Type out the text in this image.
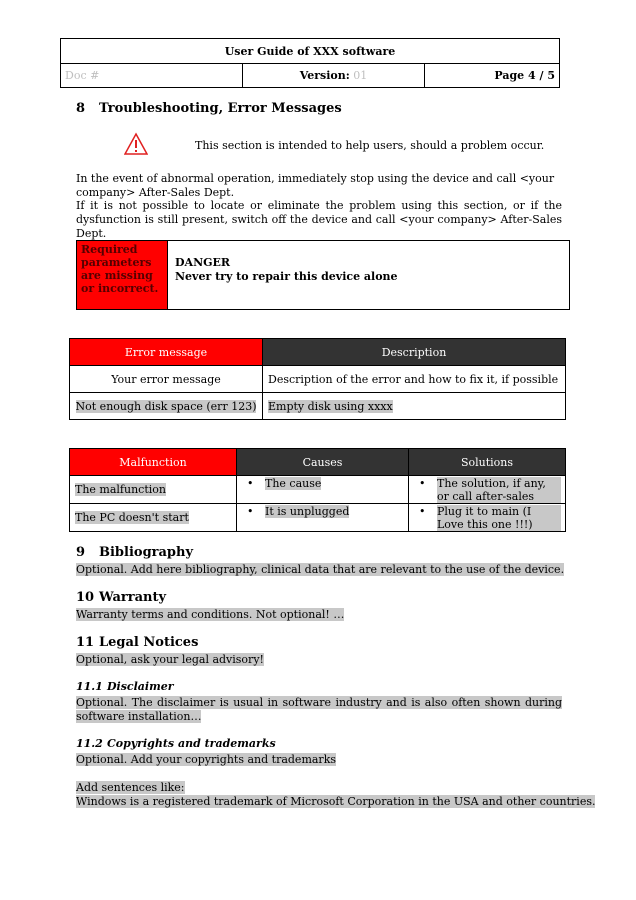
User Guide of XXX software
Doc #	Version: 01	Page 4 / 5
8 Troubleshooting, Error Messages
This section is intended to help users, should a problem occur.
In the event of abnormal operation, immediately stop using the device and call <your company> After-Sales Dept.
If it is not possible to locate or eliminate the problem using this section, or if the dysfunction is still present, switch off the device and call <your company> After-Sales Dept.
Required parameters are missing or incorrect.
DANGER
Never try to repair this device alone
Error message	Description
Your error message	Description of the error and how to fix it, if possible
Not enough disk space (err 123)	Empty disk using xxxx
Malfunction	Causes	Solutions
The malfunction	• The cause	• The solution, if any, or call after-sales

The PC doesn't start	• It is unplugged	• Plug it to main (I Love this one !!!)
9 Bibliography
Optional. Add here bibliography, clinical data that are relevant to the use of the device.
10 Warranty
Warranty terms and conditions. Not optional! …
11 Legal Notices
Optional, ask your legal advisory!
11.1 Disclaimer
Optional. The disclaimer is usual in software industry and is also often shown during software installation…
11.2 Copyrights and trademarks
Optional. Add your copyrights and trademarks
Add sentences like:
Windows is a registered trademark of Microsoft Corporation in the USA and other countries.
